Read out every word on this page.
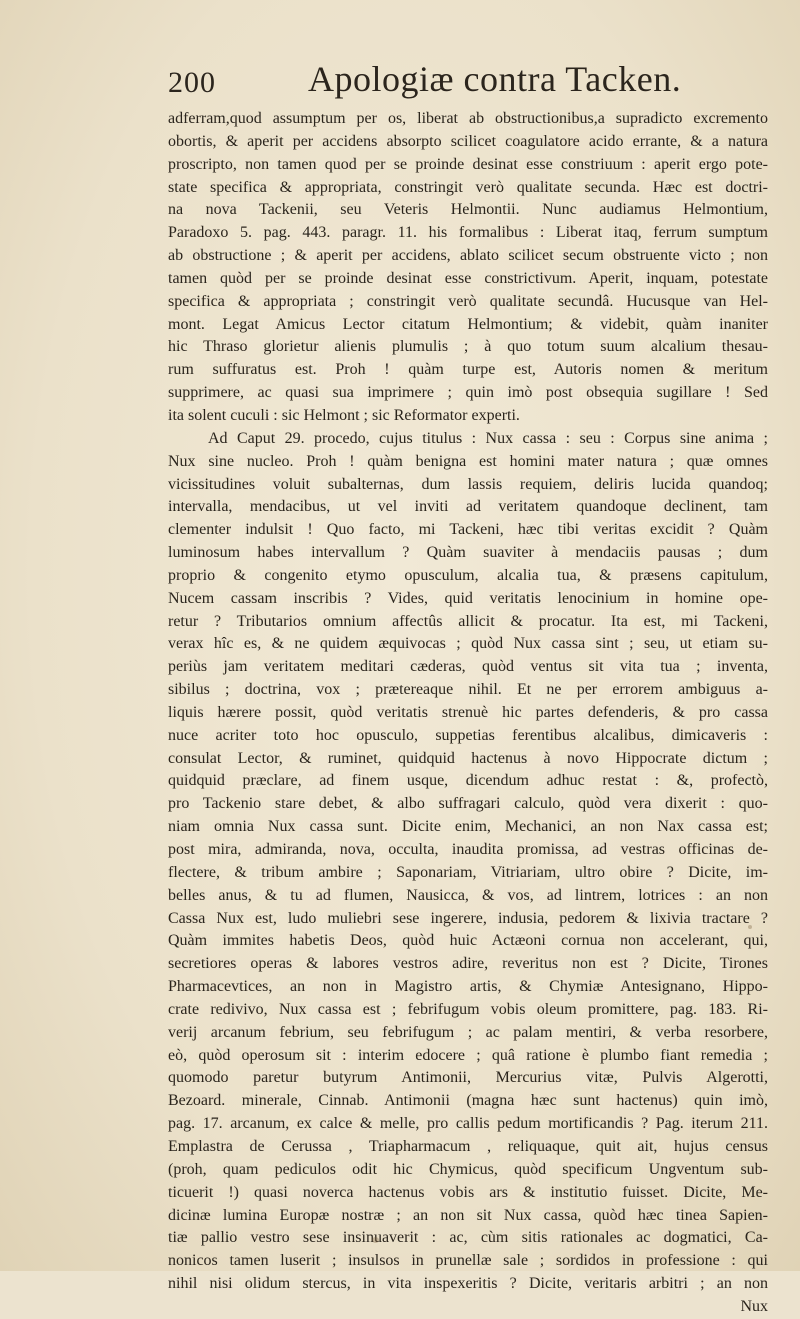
200	Apologiæ contra Tacken.
adferram,quod assumptum per os, liberat ab obstructionibus,a supradicto excremento
obortis, & aperit per accidens absorpto scilicet coagulatore acido errante, & a natura
proscripto, non tamen quod per se proinde desinat esse constriuum : aperit ergo pote-
state specifica & appropriata, constringit verò qualitate secunda. Hæc est doctri-
na nova Tackenii, seu Veteris Helmontii. Nunc audiamus Helmontium,
Paradoxo 5. pag. 443. paragr. 11. his formalibus : Liberat itaq, ferrum sumptum
ab obstructione ; & aperit per accidens, ablato scilicet secum obstruente victo ; non
tamen quòd per se proinde desinat esse constrictivum. Aperit, inquam, potestate
specifica & appropriata ; constringit verò qualitate secundâ. Hucusque van Hel-
mont. Legat Amicus Lector citatum Helmontium; & videbit, quàm inaniter
hic Thraso glorietur alienis plumulis ; à quo totum suum alcalium thesau-
rum suffuratus est. Proh ! quàm turpe est, Autoris nomen & meritum
supprimere, ac quasi sua imprimere ; quin imò post obsequia sugillare ! Sed
ita solent cuculi : sic Helmont ; sic Reformator experti.
Ad Caput 29. procedo, cujus titulus : Nux cassa : seu : Corpus sine anima ;
Nux sine nucleo. Proh ! quàm benigna est homini mater natura ; quæ omnes
vicissitudines voluit subalternas, dum lassis requiem, deliris lucida quandoq;
intervalla, mendacibus, ut vel inviti ad veritatem quandoque declinent, tam
clementer indulsit ! Quo facto, mi Tackeni, hæc tibi veritas excidit ? Quàm
luminosum habes intervallum ? Quàm suaviter à mendaciis pausas ; dum
proprio & congenito etymo opusculum, alcalia tua, & præsens capitulum,
Nucem cassam inscribis ? Vides, quid veritatis lenocinium in homine ope-
retur ? Tributarios omnium affectûs allicit & procatur. Ita est, mi Tackeni,
verax hîc es, & ne quidem æquivocas ; quòd Nux cassa sint ; seu, ut etiam su-
periùs jam veritatem meditari cæderas, quòd ventus sit vita tua ; inventa,
sibilus ; doctrina, vox ; prætereaque nihil. Et ne per errorem ambiguus a-
liquis hærere possit, quòd veritatis strenuè hic partes defenderis, & pro cassa
nuce acriter toto hoc opusculo, suppetias ferentibus alcalibus, dimicaveris :
consulat Lector, & ruminet, quidquid hactenus à novo Hippocrate dictum ;
quidquid præclare, ad finem usque, dicendum adhuc restat : &, profectò,
pro Tackenio stare debet, & albo suffragari calculo, quòd vera dixerit : quo-
niam omnia Nux cassa sunt. Dicite enim, Mechanici, an non Nax cassa est;
post mira, admiranda, nova, occulta, inaudita promissa, ad vestras officinas de-
flectere, & tribum ambire ; Saponariam, Vitriariam, ultro obire ? Dicite, im-
belles anus, & tu ad flumen, Nausicca, & vos, ad lintrem, lotrices : an non
Cassa Nux est, ludo muliebri sese ingerere, indusia, pedorem & lixivia tractare ?
Quàm immites habetis Deos, quòd huic Actæoni cornua non accelerant, qui,
secretiores operas & labores vestros adire, reveritus non est ? Dicite, Tirones
Pharmacevtices, an non in Magistro artis, & Chymiæ Antesignano, Hippo-
crate redivivo, Nux cassa est ; febrifugum vobis oleum promittere, pag. 183. Ri-
verij arcanum febrium, seu febrifugum ; ac palam mentiri, & verba resorbere,
eò, quòd operosum sit : interim edocere ; quâ ratione è plumbo fiant remedia ;
quomodo paretur butyrum Antimonii, Mercurius vitæ, Pulvis Algerotti,
Bezoard. minerale, Cinnab. Antimonii (magna hæc sunt hactenus) quin imò,
pag. 17. arcanum, ex calce & melle, pro callis pedum mortificandis ? Pag. iterum 211.
Emplastra de Cerussa , Triapharmacum , reliquaque, quit ait, hujus census
(proh, quam pediculos odit hic Chymicus, quòd specificum Ungventum sub-
ticuerit !) quasi noverca hactenus vobis ars & institutio fuisset. Dicite, Me-
dicinæ lumina Europæ nostræ ; an non sit Nux cassa, quòd hæc tinea Sapien-
tiæ pallio vestro sese insinuaverit : ac, cùm sitis rationales ac dogmatici, Ca-
nonicos tamen luserit ; insulsos in prunellæ sale ; sordidos in professione : qui
nihil nisi olidum stercus, in vita inspexeritis ? Dicite, veritaris arbitri ; an non
Nux
